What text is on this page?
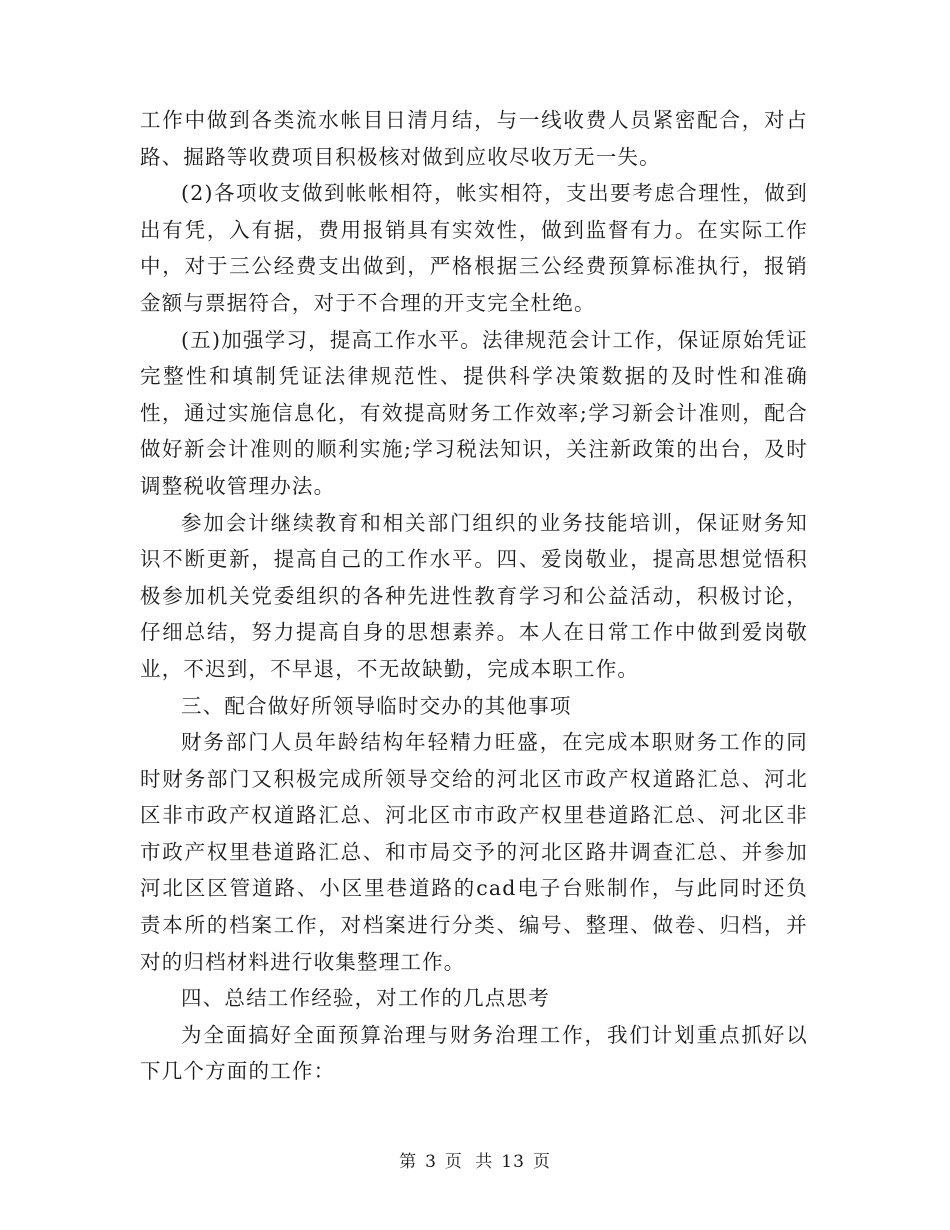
工作中做到各类流水帐目日清月结，与一线收费人员紧密配合，对占路、掘路等收费项目积极核对做到应收尽收万无一失。

(2)各项收支做到帐帐相符，帐实相符，支出要考虑合理性，做到出有凭，入有据，费用报销具有实效性，做到监督有力。在实际工作中，对于三公经费支出做到，严格根据三公经费预算标准执行，报销金额与票据符合，对于不合理的开支完全杜绝。

(五)加强学习，提高工作水平。法律规范会计工作，保证原始凭证完整性和填制凭证法律规范性、提供科学决策数据的及时性和准确性，通过实施信息化，有效提高财务工作效率;学习新会计准则，配合做好新会计准则的顺利实施;学习税法知识，关注新政策的出台，及时调整税收管理办法。

参加会计继续教育和相关部门组织的业务技能培训，保证财务知识不断更新，提高自己的工作水平。四、爱岗敬业，提高思想觉悟积极参加机关党委组织的各种先进性教育学习和公益活动，积极讨论，仔细总结，努力提高自身的思想素养。本人在日常工作中做到爱岗敬业，不迟到，不早退，不无故缺勤，完成本职工作。

三、配合做好所领导临时交办的其他事项

财务部门人员年龄结构年轻精力旺盛，在完成本职财务工作的同时财务部门又积极完成所领导交给的河北区市政产权道路汇总、河北区非市政产权道路汇总、河北区市市政产权里巷道路汇总、河北区非市政产权里巷道路汇总、和市局交予的河北区路井调查汇总、并参加河北区区管道路、小区里巷道路的cad电子台账制作，与此同时还负责本所的档案工作，对档案进行分类、编号、整理、做卷、归档，并对的归档材料进行收集整理工作。

四、总结工作经验，对工作的几点思考

为全面搞好全面预算治理与财务治理工作，我们计划重点抓好以下几个方面的工作：

第 3 页 共 13 页
